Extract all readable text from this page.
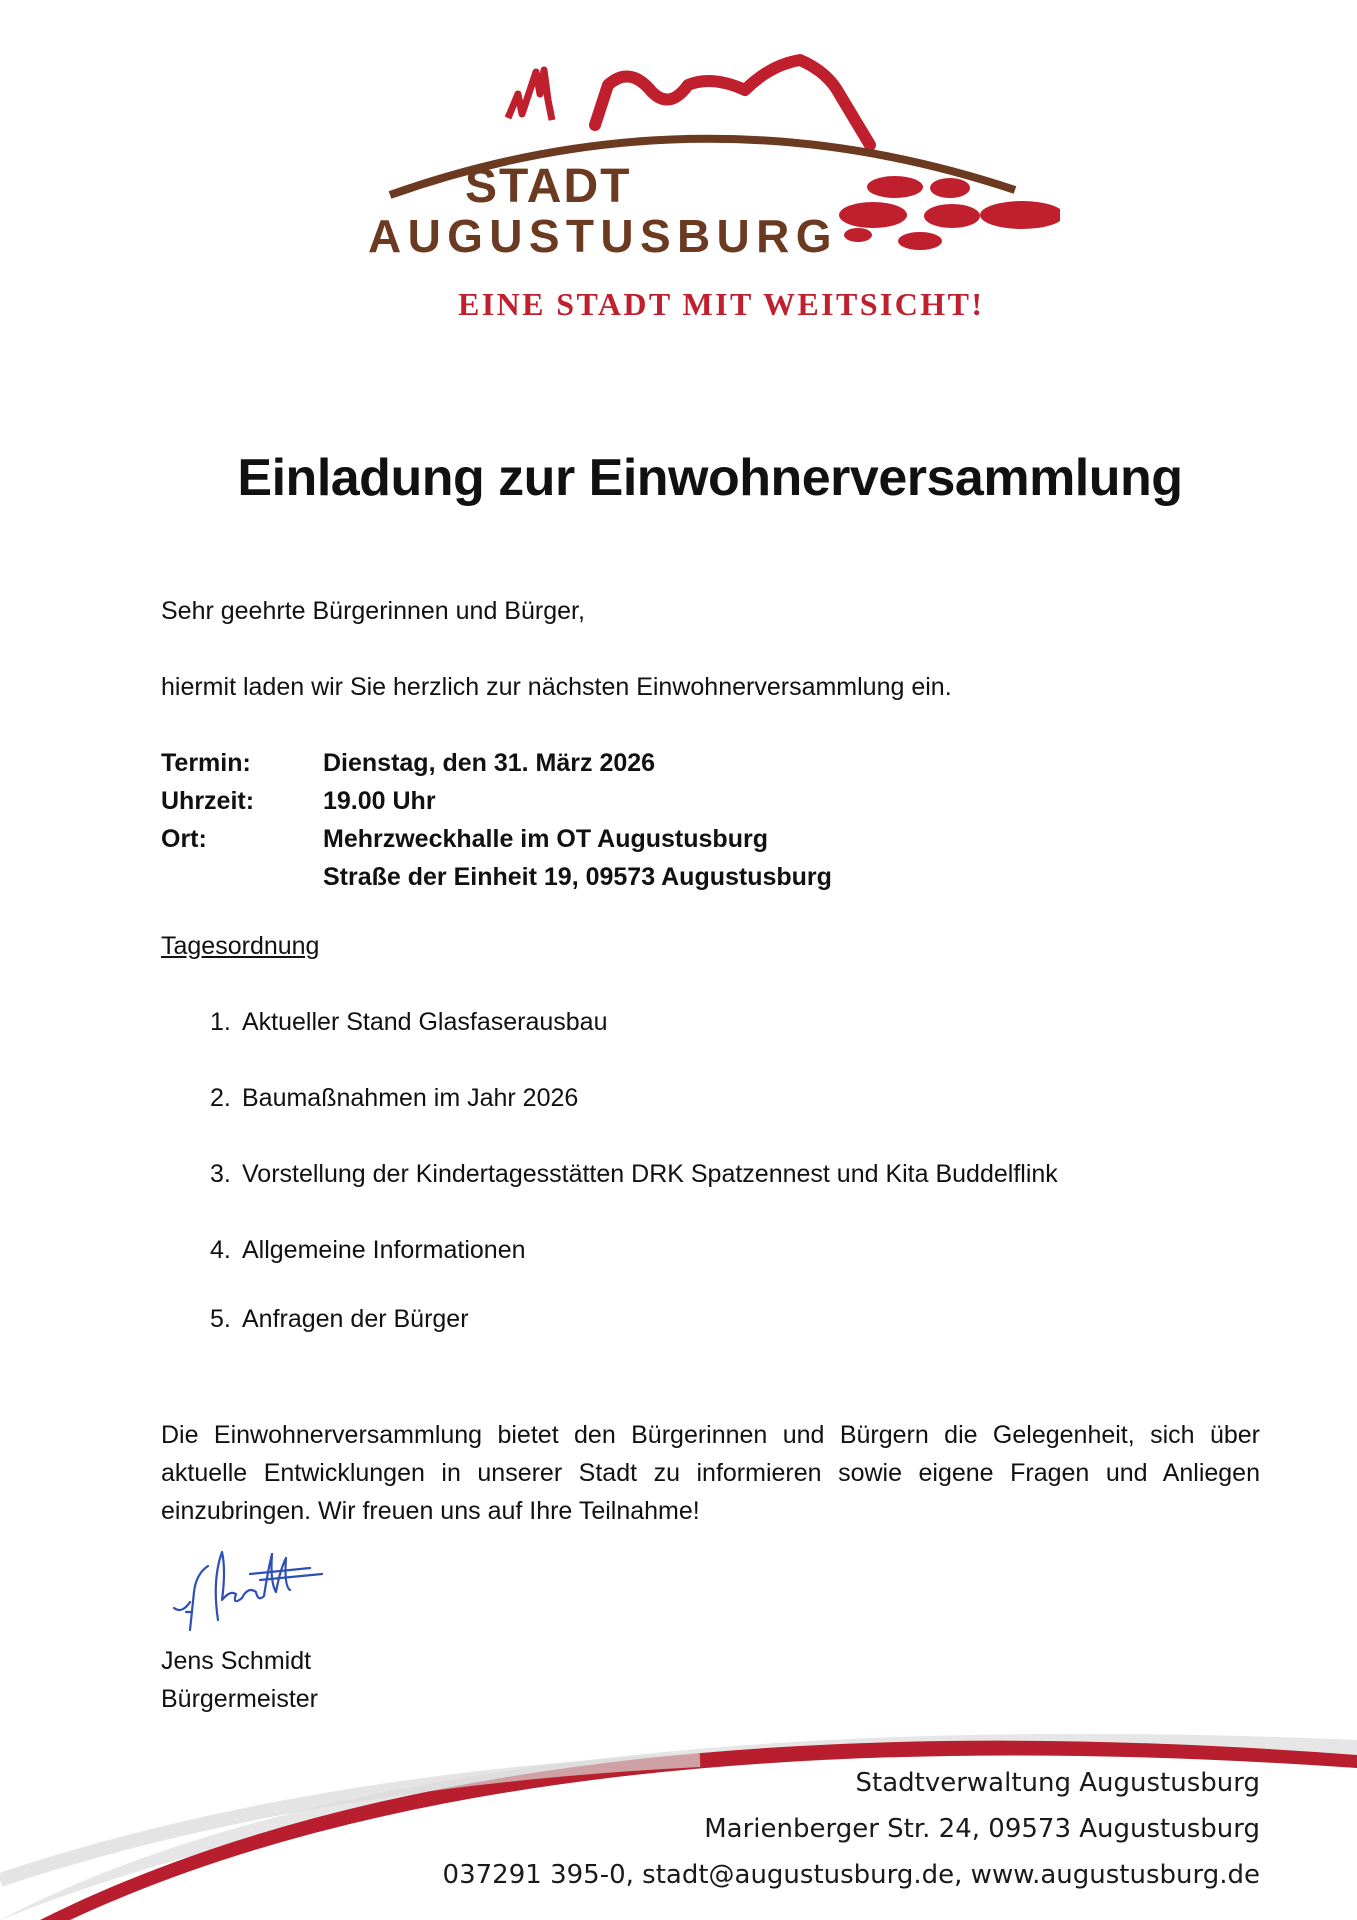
STADT
AUGUSTUSBURG
EINE STADT MIT WEITSICHT!
Einladung zur Einwohnerversammlung
Sehr geehrte Bürgerinnen und Bürger,
hiermit laden wir Sie herzlich zur nächsten Einwohnerversammlung ein.
Termin:	Dienstag, den 31. März 2026
Uhrzeit:	19.00 Uhr
Ort:	Mehrzweckhalle im OT Augustusburg
Straße der Einheit 19, 09573 Augustusburg
Tagesordnung
1. Aktueller Stand Glasfaserausbau
2. Baumaßnahmen im Jahr 2026
3. Vorstellung der Kindertagesstätten DRK Spatzennest und Kita Buddelflink
4. Allgemeine Informationen
5. Anfragen der Bürger
Die Einwohnerversammlung bietet den Bürgerinnen und Bürgern die Gelegenheit, sich über aktuelle Entwicklungen in unserer Stadt zu informieren sowie eigene Fragen und Anliegen einzubringen. Wir freuen uns auf Ihre Teilnahme!
Jens Schmidt
Bürgermeister
Stadtverwaltung Augustusburg
Marienberger Str. 24, 09573 Augustusburg
037291 395-0, stadt@augustusburg.de, www.augustusburg.de
